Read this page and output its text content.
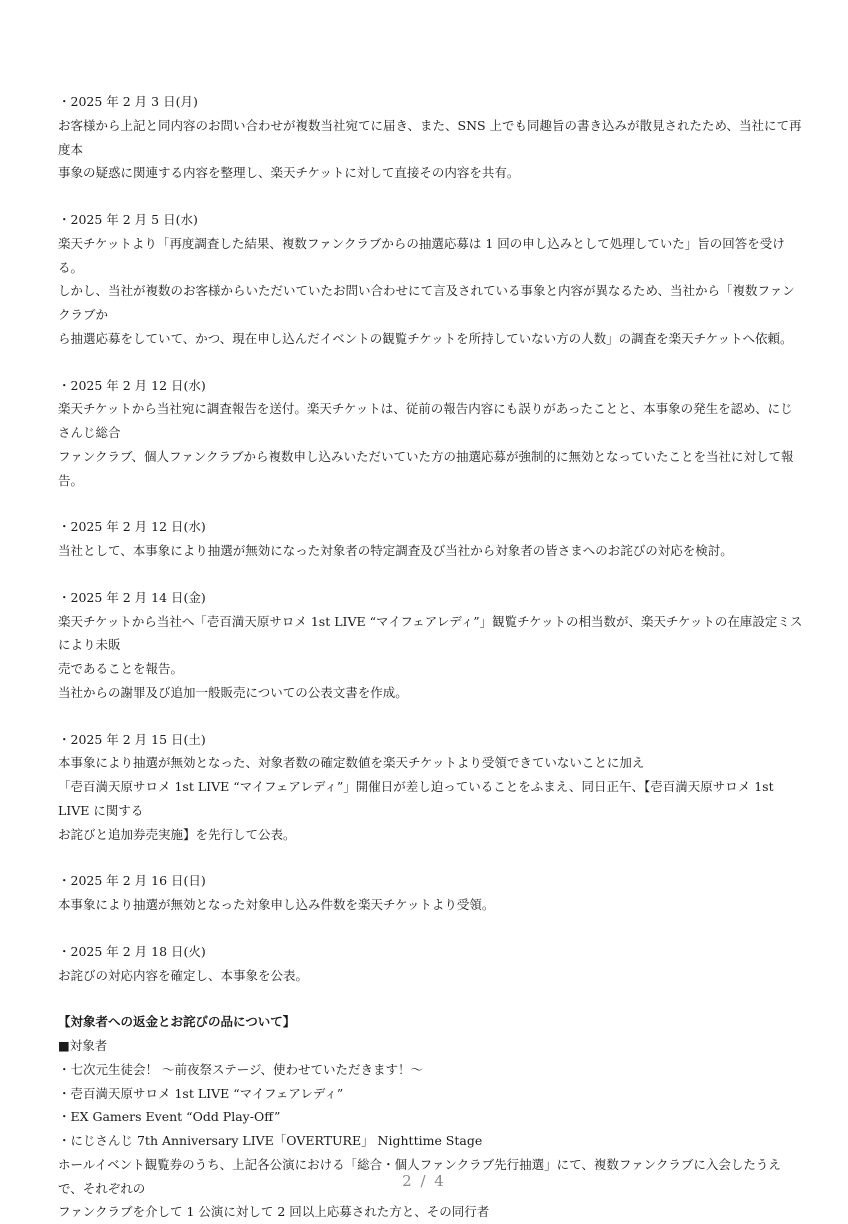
・2025 年 2 月 3 日(月)

お客様から上記と同内容のお問い合わせが複数当社宛てに届き、また、SNS 上でも同趣旨の書き込みが散見されたため、当社にて再度本

事象の疑惑に関連する内容を整理し、楽天チケットに対して直接その内容を共有。

・2025 年 2 月 5 日(水)

楽天チケットより「再度調査した結果、複数ファンクラブからの抽選応募は 1 回の申し込みとして処理していた」旨の回答を受ける。

しかし、当社が複数のお客様からいただいていたお問い合わせにて言及されている事象と内容が異なるため、当社から「複数ファンクラブか

ら抽選応募をしていて、かつ、現在申し込んだイベントの観覧チケットを所持していない方の人数」の調査を楽天チケットへ依頼。

・2025 年 2 月 12 日(水)

楽天チケットから当社宛に調査報告を送付。楽天チケットは、従前の報告内容にも誤りがあったことと、本事象の発生を認め、にじさんじ総合

ファンクラブ、個人ファンクラブから複数申し込みいただいていた方の抽選応募が強制的に無効となっていたことを当社に対して報告。

・2025 年 2 月 12 日(水)

当社として、本事象により抽選が無効になった対象者の特定調査及び当社から対象者の皆さまへのお詫びの対応を検討。

・2025 年 2 月 14 日(金)

楽天チケットから当社へ「壱百満天原サロメ 1st LIVE “マイフェアレディ”」観覧チケットの相当数が、楽天チケットの在庫設定ミスにより未販

売であることを報告。

当社からの謝罪及び追加一般販売についての公表文書を作成。

・2025 年 2 月 15 日(土)

本事象により抽選が無効となった、対象者数の確定数値を楽天チケットより受領できていないことに加え

「壱百満天原サロメ 1st LIVE “マイフェアレディ”」開催日が差し迫っていることをふまえ、同日正午、【壱百満天原サロメ 1st LIVE に関する

お詫びと追加券売実施】を先行して公表。

・2025 年 2 月 16 日(日)

本事象により抽選が無効となった対象申し込み件数を楽天チケットより受領。

・2025 年 2 月 18 日(火)

お詫びの対応内容を確定し、本事象を公表。

【対象者への返金とお詫びの品について】

■対象者

・七次元生徒会！ ～前夜祭ステージ、使わせていただきます！～

・壱百満天原サロメ 1st LIVE “マイフェアレディ”

・EX Gamers Event “Odd Play-Off”

・にじさんじ 7th Anniversary LIVE「OVERTURE」 Nighttime Stage

ホールイベント観覧券のうち、上記各公演における「総合・個人ファンクラブ先行抽選」にて、複数ファンクラブに入会したうえで、それぞれの

ファンクラブを介して 1 公演に対して 2 回以上応募された方と、その同行者

2 / 4
